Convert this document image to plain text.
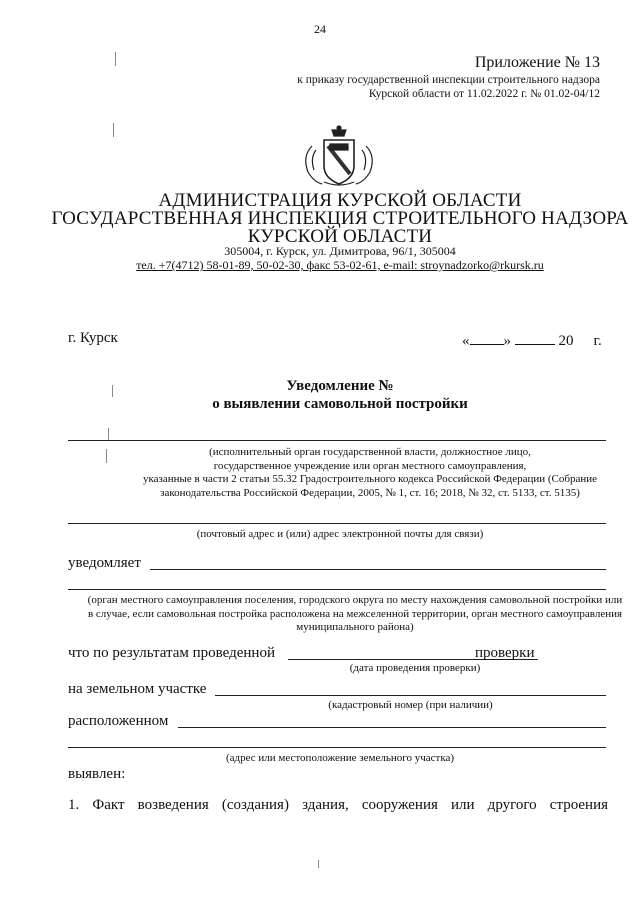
24
Приложение № 13
к приказу государственной инспекции строительного надзора
Курской области от 11.02.2022 г. № 01.02-04/12
АДМИНИСТРАЦИЯ КУРСКОЙ ОБЛАСТИ
ГОСУДАРСТВЕННАЯ ИНСПЕКЦИЯ СТРОИТЕЛЬНОГО НАДЗОРА
КУРСКОЙ ОБЛАСТИ
305004, г. Курск, ул. Димитрова, 96/1, 305004
тел. +7(4712) 58-01-89, 50-02-30, факс 53-02-61, e-mail: stroynadzorko@rkursk.ru
г. Курск	« »	20 г.
Уведомление №
о выявлении самовольной постройки
(исполнительный орган государственной власти, должностное лицо,
государственное учреждение или орган местного самоуправления,
указанные в части 2 статьи 55.32 Градостроительного кодекса Российской Федерации (Собрание
законодательства Российской Федерации, 2005, № 1, ст. 16; 2018, № 32, ст. 5133, ст. 5135)
(почтовый адрес и (или) адрес электронной почты для связи)
уведомляет
(орган местного самоуправления поселения, городского округа по месту нахождения самовольной постройки или
в случае, если самовольная постройка расположена на межселенной территории, орган местного самоуправления
муниципального района)
что по результатам проведенной	проверки
(дата проведения проверки)
на земельном участке
(кадастровый номер (при наличии)
расположенном
(адрес или местоположение земельного участка)
выявлен:
1. Факт возведения (создания) здания, сооружения или другого строения
